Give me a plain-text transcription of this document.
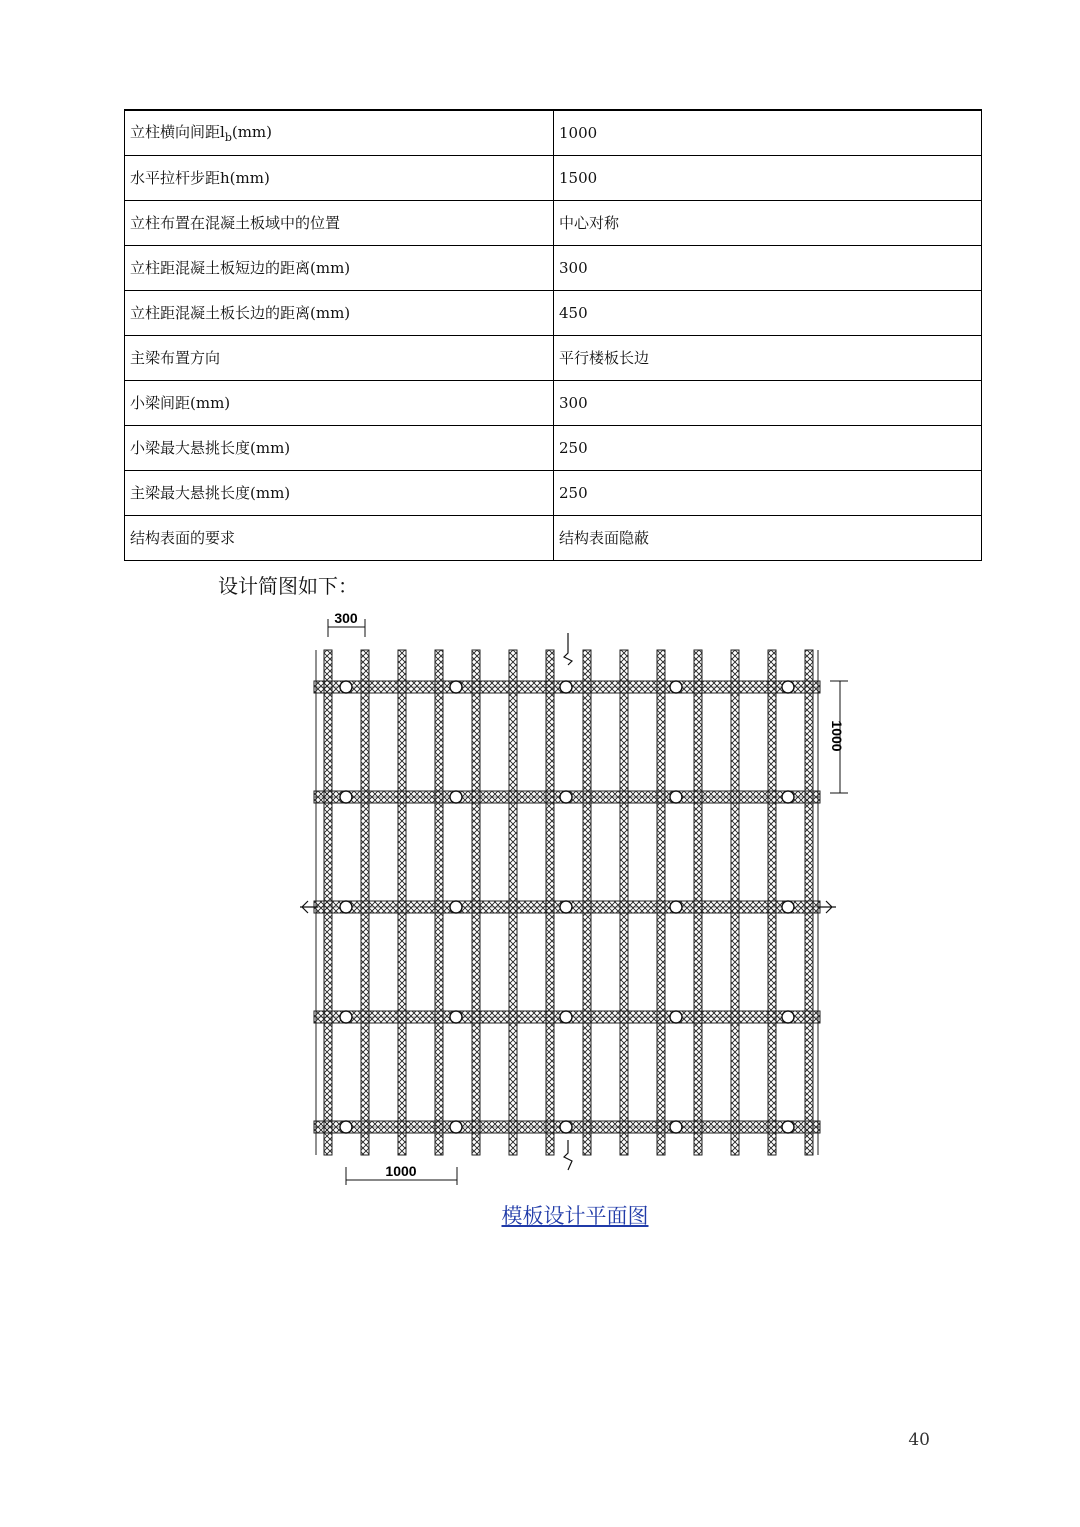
立柱横向间距$l_b(mm)$	1000
水平拉杆步距h(mm)	1500
立柱布置在混凝土板域中的位置	中心对称
立柱距混凝土板短边的距离(mm)	300
立柱距混凝土板长边的距离(mm)	450
主梁布置方向	平行楼板长边
小梁间距(mm)	300
小梁最大悬挑长度(mm)	250
主梁最大悬挑长度(mm)	250
结构表面的要求	结构表面隐蔽
设计简图如下：
300
1000
1000
模板设计平面图
40
